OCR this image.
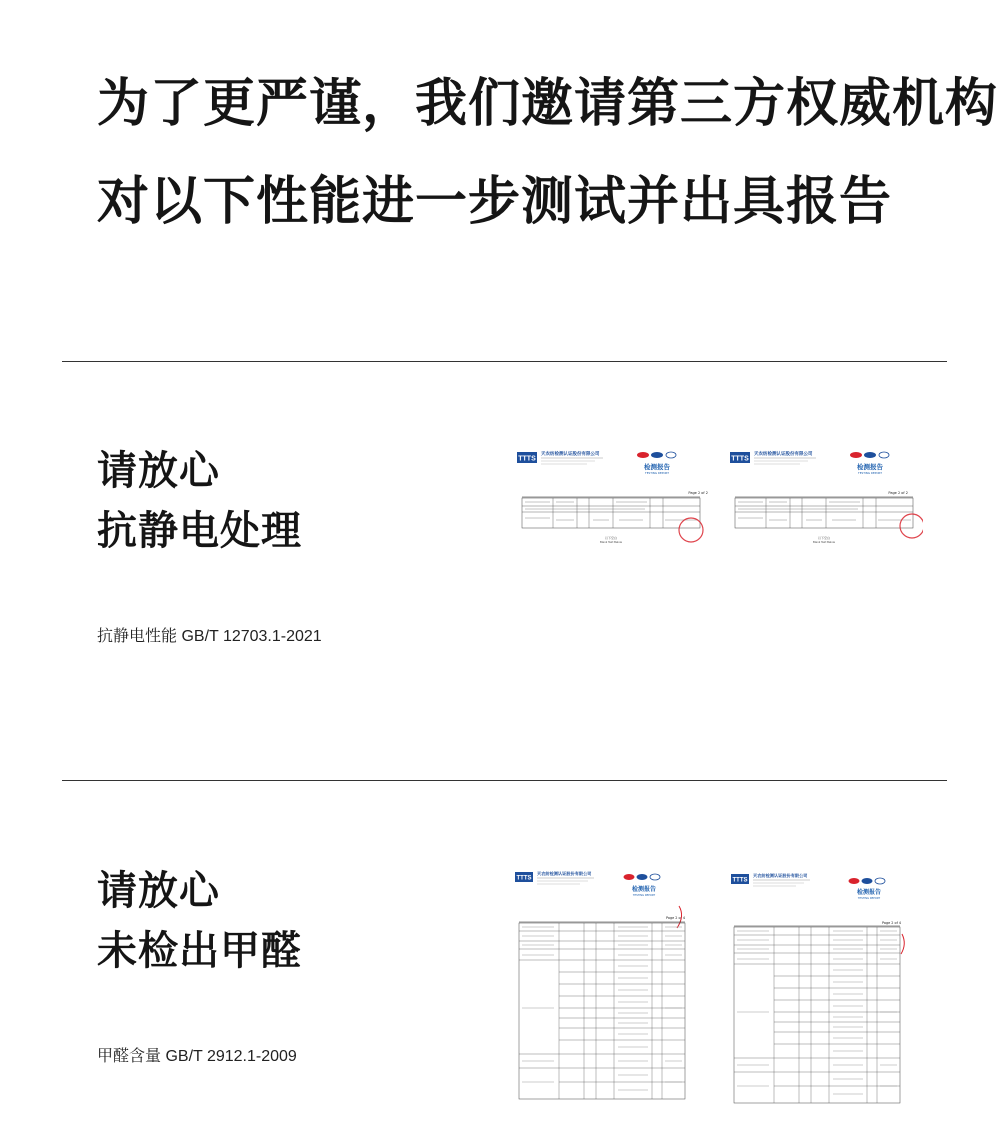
为了更严谨，我们邀请第三方权威机构
对以下性能进一步测试并出具报告
请放心
抗静电处理
抗静电性能 GB/T 12703.1-2021
TTTS
天农纺检测认证股份有限公司
检测报告
TESTING REPORT
Page 2 of 2
以下空白
Blank Text Below
TTTS
天农纺检测认证股份有限公司
检测报告
TESTING REPORT
Page 2 of 2
以下空白
Blank Text Below
请放心
未检出甲醛
甲醛含量 GB/T 2912.1-2009
TTTS
天农纺检测认证股份有限公司
检测报告
TESTING REPORT
Page 2 of 4
TTTS
天农纺检测认证股份有限公司
检测报告
TESTING REPORT
Page 2 of 4
